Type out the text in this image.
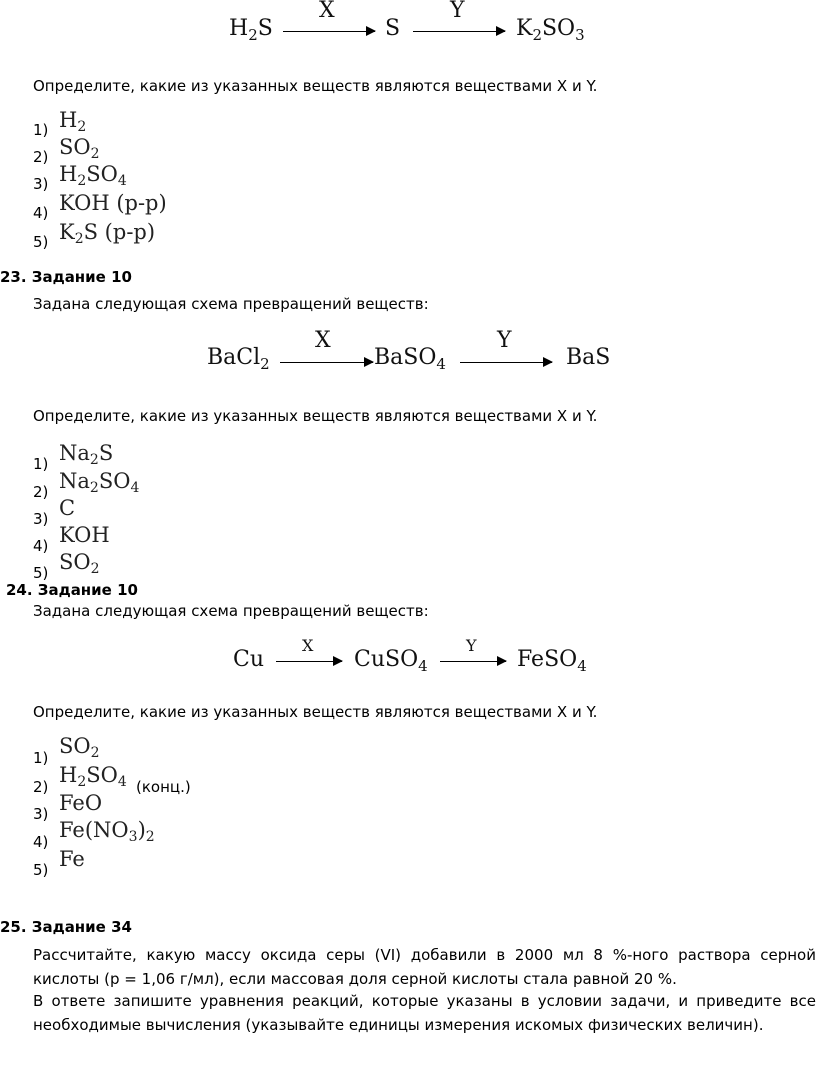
$H_2S$
X
S
Y
$K_2SO_3$
Определите, какие из указанных веществ являются веществами X и Y.
1) $H_2$
2) $SO_2$
3) $H_2SO_4$
4) KOH (p-p)
5) $K_2S$ (p-p)
23. Задание 10
Задана следующая схема превращений веществ:
BaCl$_2$
X
BaSO$_4$
Y
BaS
Определите, какие из указанных веществ являются веществами X и Y.
1) $Na_2S$
2) $Na_2SO_4$
3) C
4) KOH
5) $SO_2$
24. Задание 10
Задана следующая схема превращений веществ:
Cu
X
CuSO$_4$
Y
FeSO$_4$
Определите, какие из указанных веществ являются веществами X и Y.
1) $SO_2$
2) $H_2SO_4$ (конц.)
3) FeO
4) $Fe(NO_3)_2$
5) Fe
25. Задание 34
Рассчитайте, какую массу оксида серы (VI) добавили в 2000 мл 8 %-ного раствора серной кислоты (р = 1,06 г/мл), если массовая доля серной кислоты стала равной 20 %.
В ответе запишите уравнения реакций, которые указаны в условии задачи, и приведите все необходимые вычисления (указывайте единицы измерения искомых физических величин).
